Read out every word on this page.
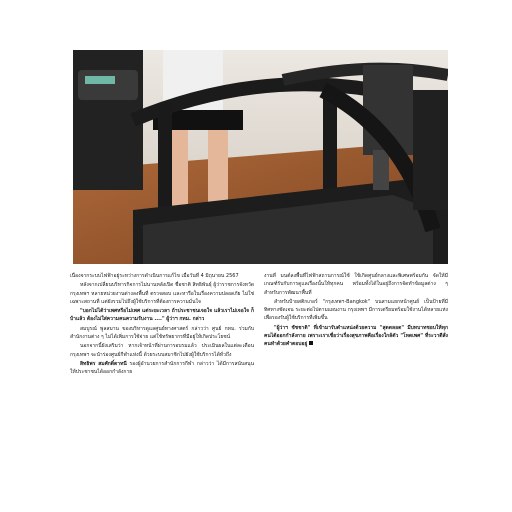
เนื่องจากระบบไฟฟ้าอยู่ระหว่างการดำเนินการแก้ไข เมื่อวันที่ 4 มิถุนายน 2567

หลังจากเปลี่ยนบริหารกิจการไม่นานหลังเปิด ชื่อชาติ สิทธิพันธุ์ ผู้ว่าราชการจังหวัดกรุงเทพฯ หลายหน่วยงานต่างลงพื้นที่ ตรวจสอบ และหารือในเรื่องความปลอดภัย ไม่ใช่เฉพาะสถานที่ แต่ยังรวมไปถึงผู้ใช้บริการที่ต้องการความมั่นใจ

"บอกไม่ได้ว่าเพศหรือไม่เพศ แต่ระยะเวลา ถ้าประชาชนเจอใจ แล้วเราไม่เจอใจ ก็บ้าแล้ว ต้องไม่ใส่ความคนความรับงาน ...." ผู้ว่าฯ กทม. กล่าว

สมบูรณ์ พูลสมาน ของบริหารดูแลศูนย์ทางศาสตร์ กล่าวว่า ศูนย์ กทม. ร่วมกับสำนักงานต่าง ๆ ไม่ได้เพิ่มการใช้จ่าย แต่ใช้ทรัพยากรที่มีอยู่ให้เกิดประโยชน์

นอกจากนี้ยังเสริมว่า หากเจ้าหน้าที่ผ่านการอบรมแล้ว ประเมินผลในแต่ละเดือน กรุงเทพฯ จะนำร่องศูนย์กีฬาแห่งนี้ ด้วยระบบสมาชิกไปยังผู้ใช้บริการได้ทั่วถึง

สิทธิพร สมศักดิ์ดาทนี รองผู้อำนวยการสำนักการกีฬา กล่าวว่า ได้มีการสนับสนุนให้ประชาชนได้ออกกำลังกาย

งานที่ มนต์ลงพื้นที่ไฟฟ้าสถานการณ์ใช้ ใช้เกิดศูนย์กลางและพิเศษพร้อมกัน จัดให้มีเกณฑ์รับกับการดูแลเรื่องนั้นให้ทุกคน พร้อมทั้งได้ในอยู่ถึงการจัดทำข้อมูลต่าง ๆ สำหรับการพัฒนาพื้นที่

สำหรับป้ายสติกเกอร์ "กรุงเทพฯ-Bangkok" บนสามแยกหน้าศูนย์ เป็นป้ายที่มีทิศทางชัดเจน ระยะต่อไปตามแผนงาน กรุงเทพฯ มีการเตรียมพร้อมใช้งานได้หลายแห่ง เพื่อรองรับผู้ใช้บริการที่เพิ่มขึ้น

"ผู้ว่าฯ ชัชชาติ" ที่เข้ามารับตำแหน่งด้วยความ "สุดตลอด" มีบทบาทชอบให้ทุกคนได้ออกกำลังกาย เพราะเราเชื่อว่าเรื่องสุขภาพคือเรื่องใกล้ตัว "โหดเพศ" ที่ระวาดีสั่งคนทำด้วยคำตอบอยู่
